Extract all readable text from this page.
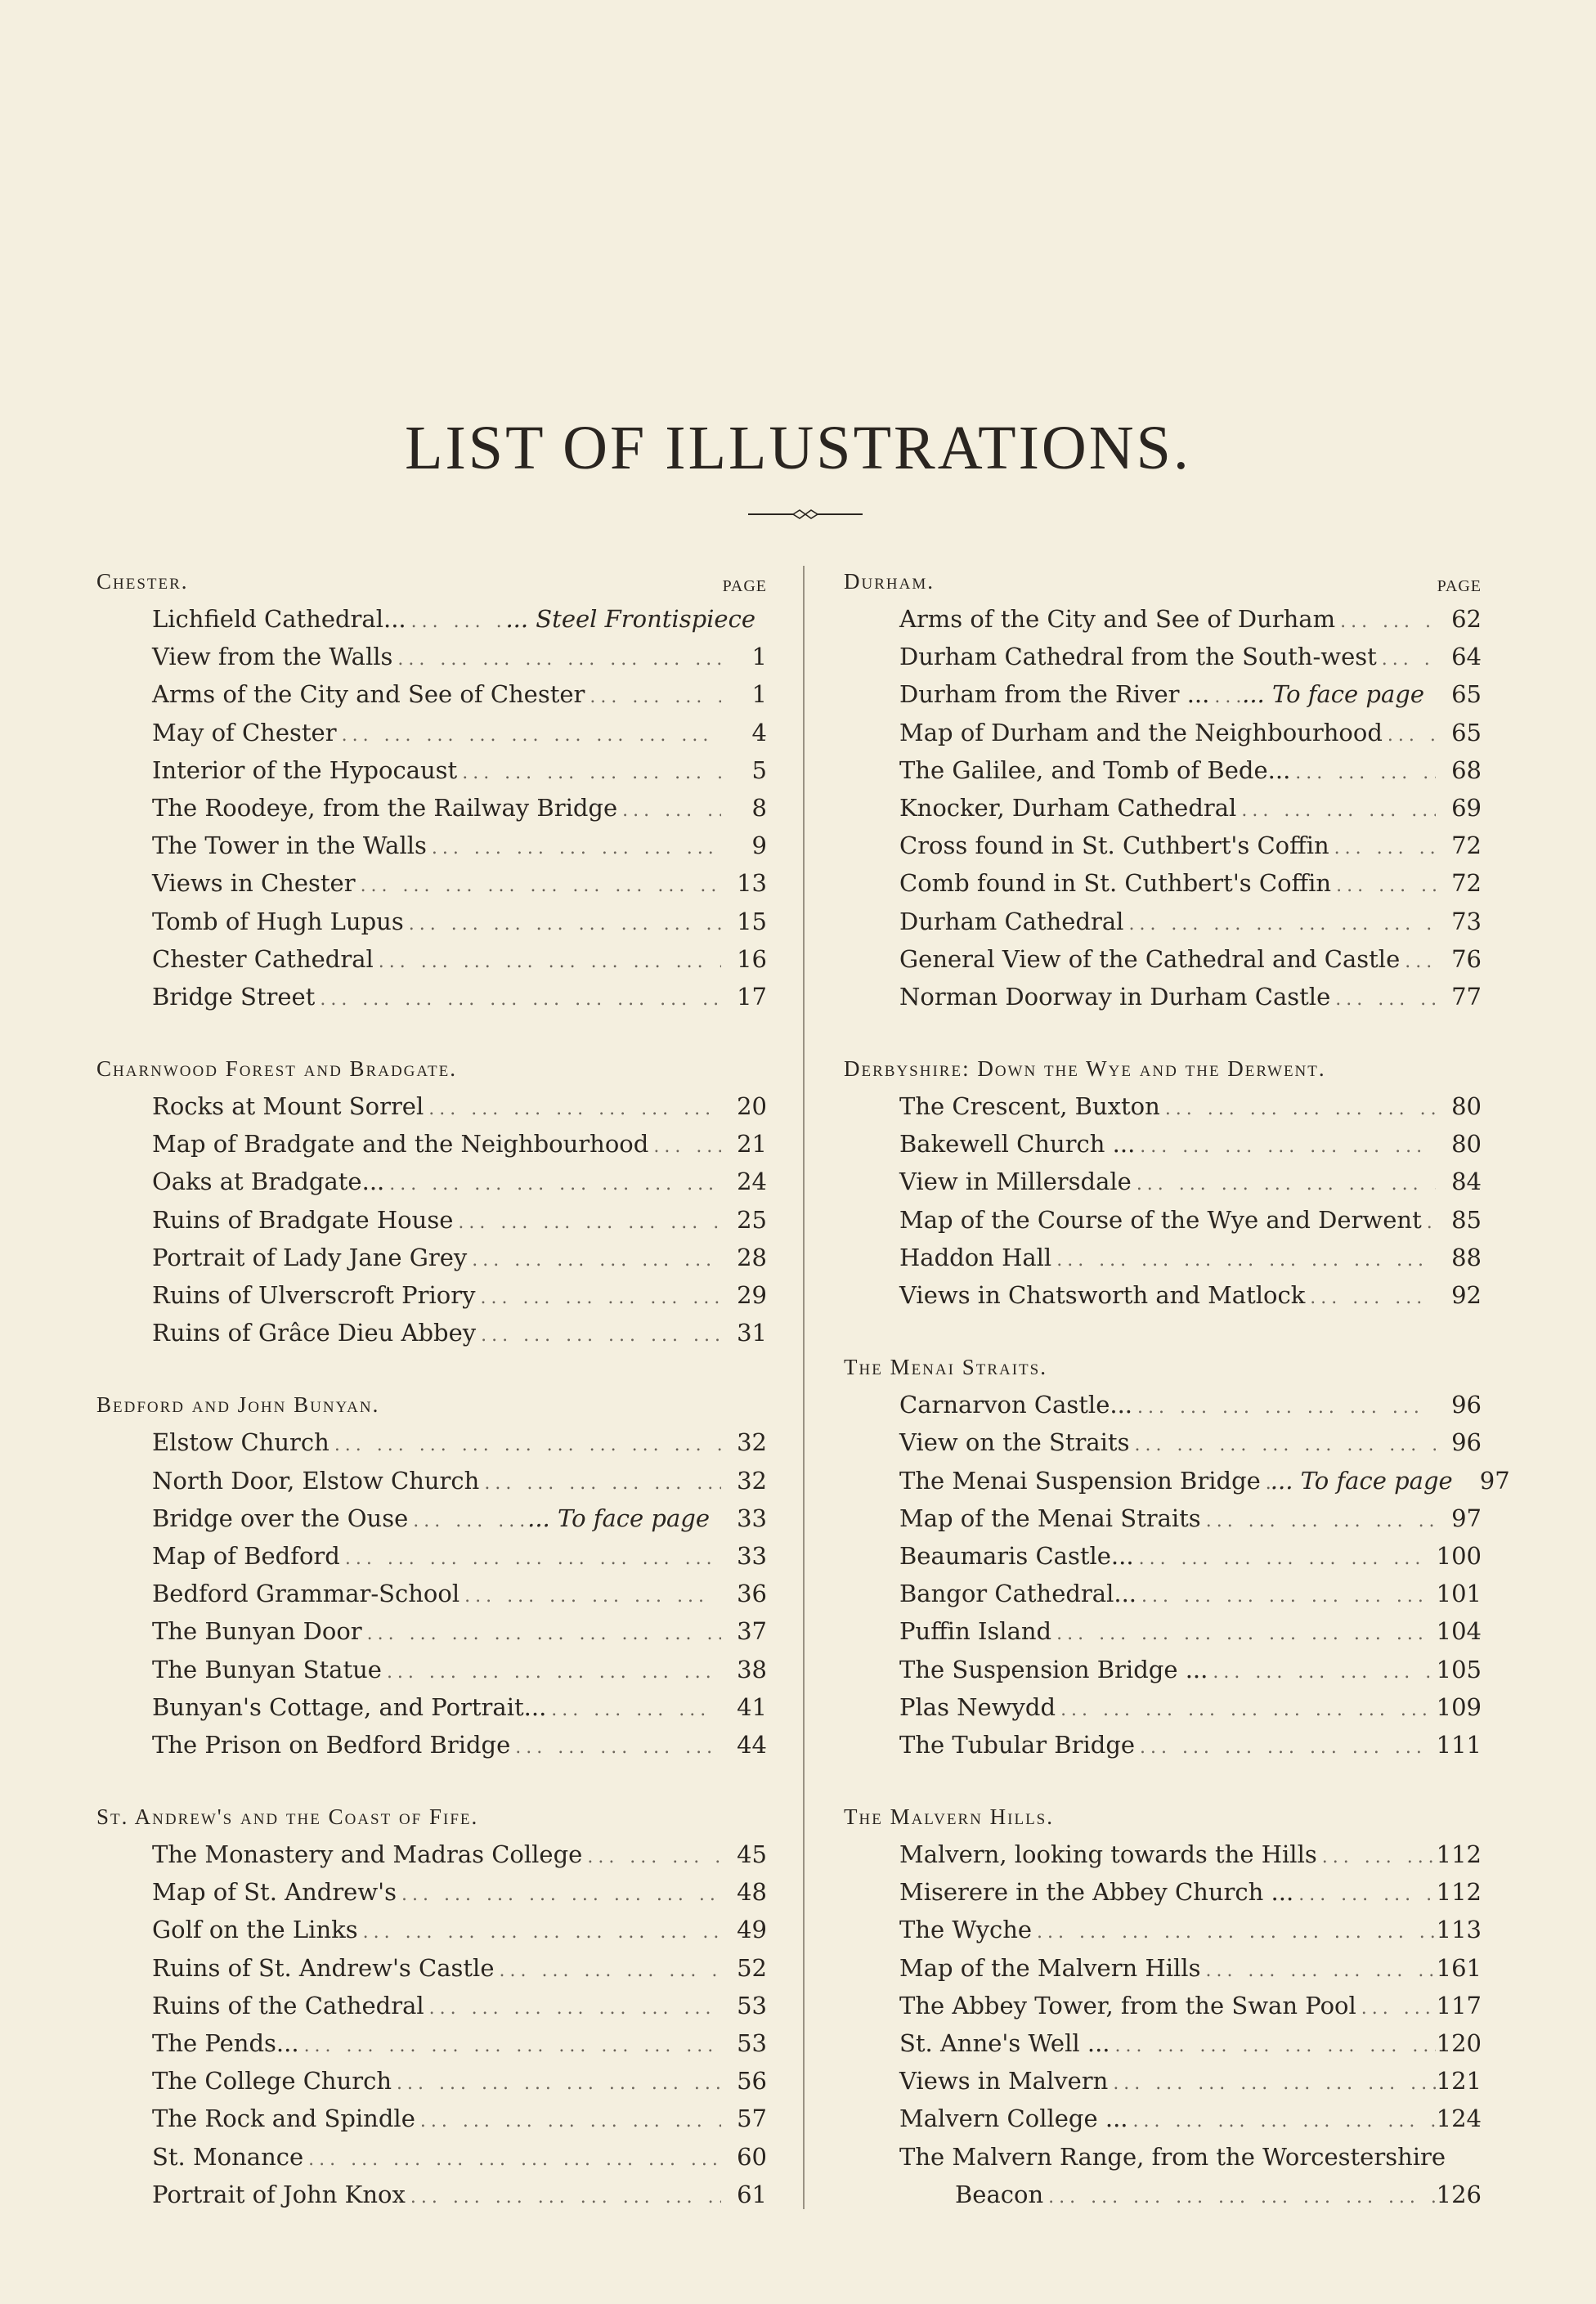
LIST OF ILLUSTRATIONS.
Chester.	PAGE
Lichfield Cathedral... ... .	... Steel Frontispiece
View from the Walls ... .	1
Arms of the City and See of Chester ... .	1
May of Chester ... .	4
Interior of the Hypocaust ... .	5
The Roodeye, from the Railway Bridge ... .	8
The Tower in the Walls ... .	9
Views in Chester ... .	13
Tomb of Hugh Lupus ... .	15
Chester Cathedral ... .	16
Bridge Street ... .	17
Charnwood Forest and Bradgate.
Rocks at Mount Sorrel ... .	20
Map of Bradgate and the Neighbourhood ... .	21
Oaks at Bradgate... ... .	24
Ruins of Bradgate House ... .	25
Portrait of Lady Jane Grey ... .	28
Ruins of Ulverscroft Priory ... .	29
Ruins of Grâce Dieu Abbey ... .	31
Bedford and John Bunyan.
Elstow Church ... .	32
North Door, Elstow Church ... .	32
Bridge over the Ouse ... .	... To face page	33
Map of Bedford ... .	33
Bedford Grammar-School ... .	36
The Bunyan Door ... .	37
The Bunyan Statue ... .	38
Bunyan's Cottage, and Portrait... ... .	41
The Prison on Bedford Bridge ... .	44
St. Andrew's and the Coast of Fife.
The Monastery and Madras College ... .	45
Map of St. Andrew's ... .	48
Golf on the Links ... .	49
Ruins of St. Andrew's Castle ... .	52
Ruins of the Cathedral ... .	53
The Pends... ... .	53
The College Church ... .	56
The Rock and Spindle ... .	57
St. Monance ... .	60
Portrait of John Knox ... .	61
Durham.	PAGE
Arms of the City and See of Durham ... .	62
Durham Cathedral from the South-west ... .	64
Durham from the River ... ... . ... To face page	65
Map of Durham and the Neighbourhood ... .	65
The Galilee, and Tomb of Bede... ... .	68
Knocker, Durham Cathedral ... .	69
Cross found in St. Cuthbert's Coffin ... .	72
Comb found in St. Cuthbert's Coffin ... .	72
Durham Cathedral ... .	73
General View of the Cathedral and Castle ... .	76
Norman Doorway in Durham Castle ... .	77
Derbyshire: Down the Wye and the Derwent.
The Crescent, Buxton ... .	80
Bakewell Church ... ... .	80
View in Millersdale ... .	84
Map of the Course of the Wye and Derwent ... .	85
Haddon Hall ... .	88
Views in Chatsworth and Matlock ... .	92
The Menai Straits.
Carnarvon Castle... ... .	96
View on the Straits ... .	96
The Menai Suspension Bridge ... . ... To face page	97
Map of the Menai Straits ... .	97
Beaumaris Castle... ... .	100
Bangor Cathedral... ... .	101
Puffin Island ... .	104
The Suspension Bridge ... ... .	105
Plas Newydd ... .	109
The Tubular Bridge ... .	111
The Malvern Hills.
Malvern, looking towards the Hills ... .	112
Miserere in the Abbey Church ... ... .	112
The Wyche ... .	113
Map of the Malvern Hills ... .	161
The Abbey Tower, from the Swan Pool ... .	117
St. Anne's Well ... ... .	120
Views in Malvern ... .	121
Malvern College ... ... .	124
The Malvern Range, from the Worcestershire
Beacon ... .	126
